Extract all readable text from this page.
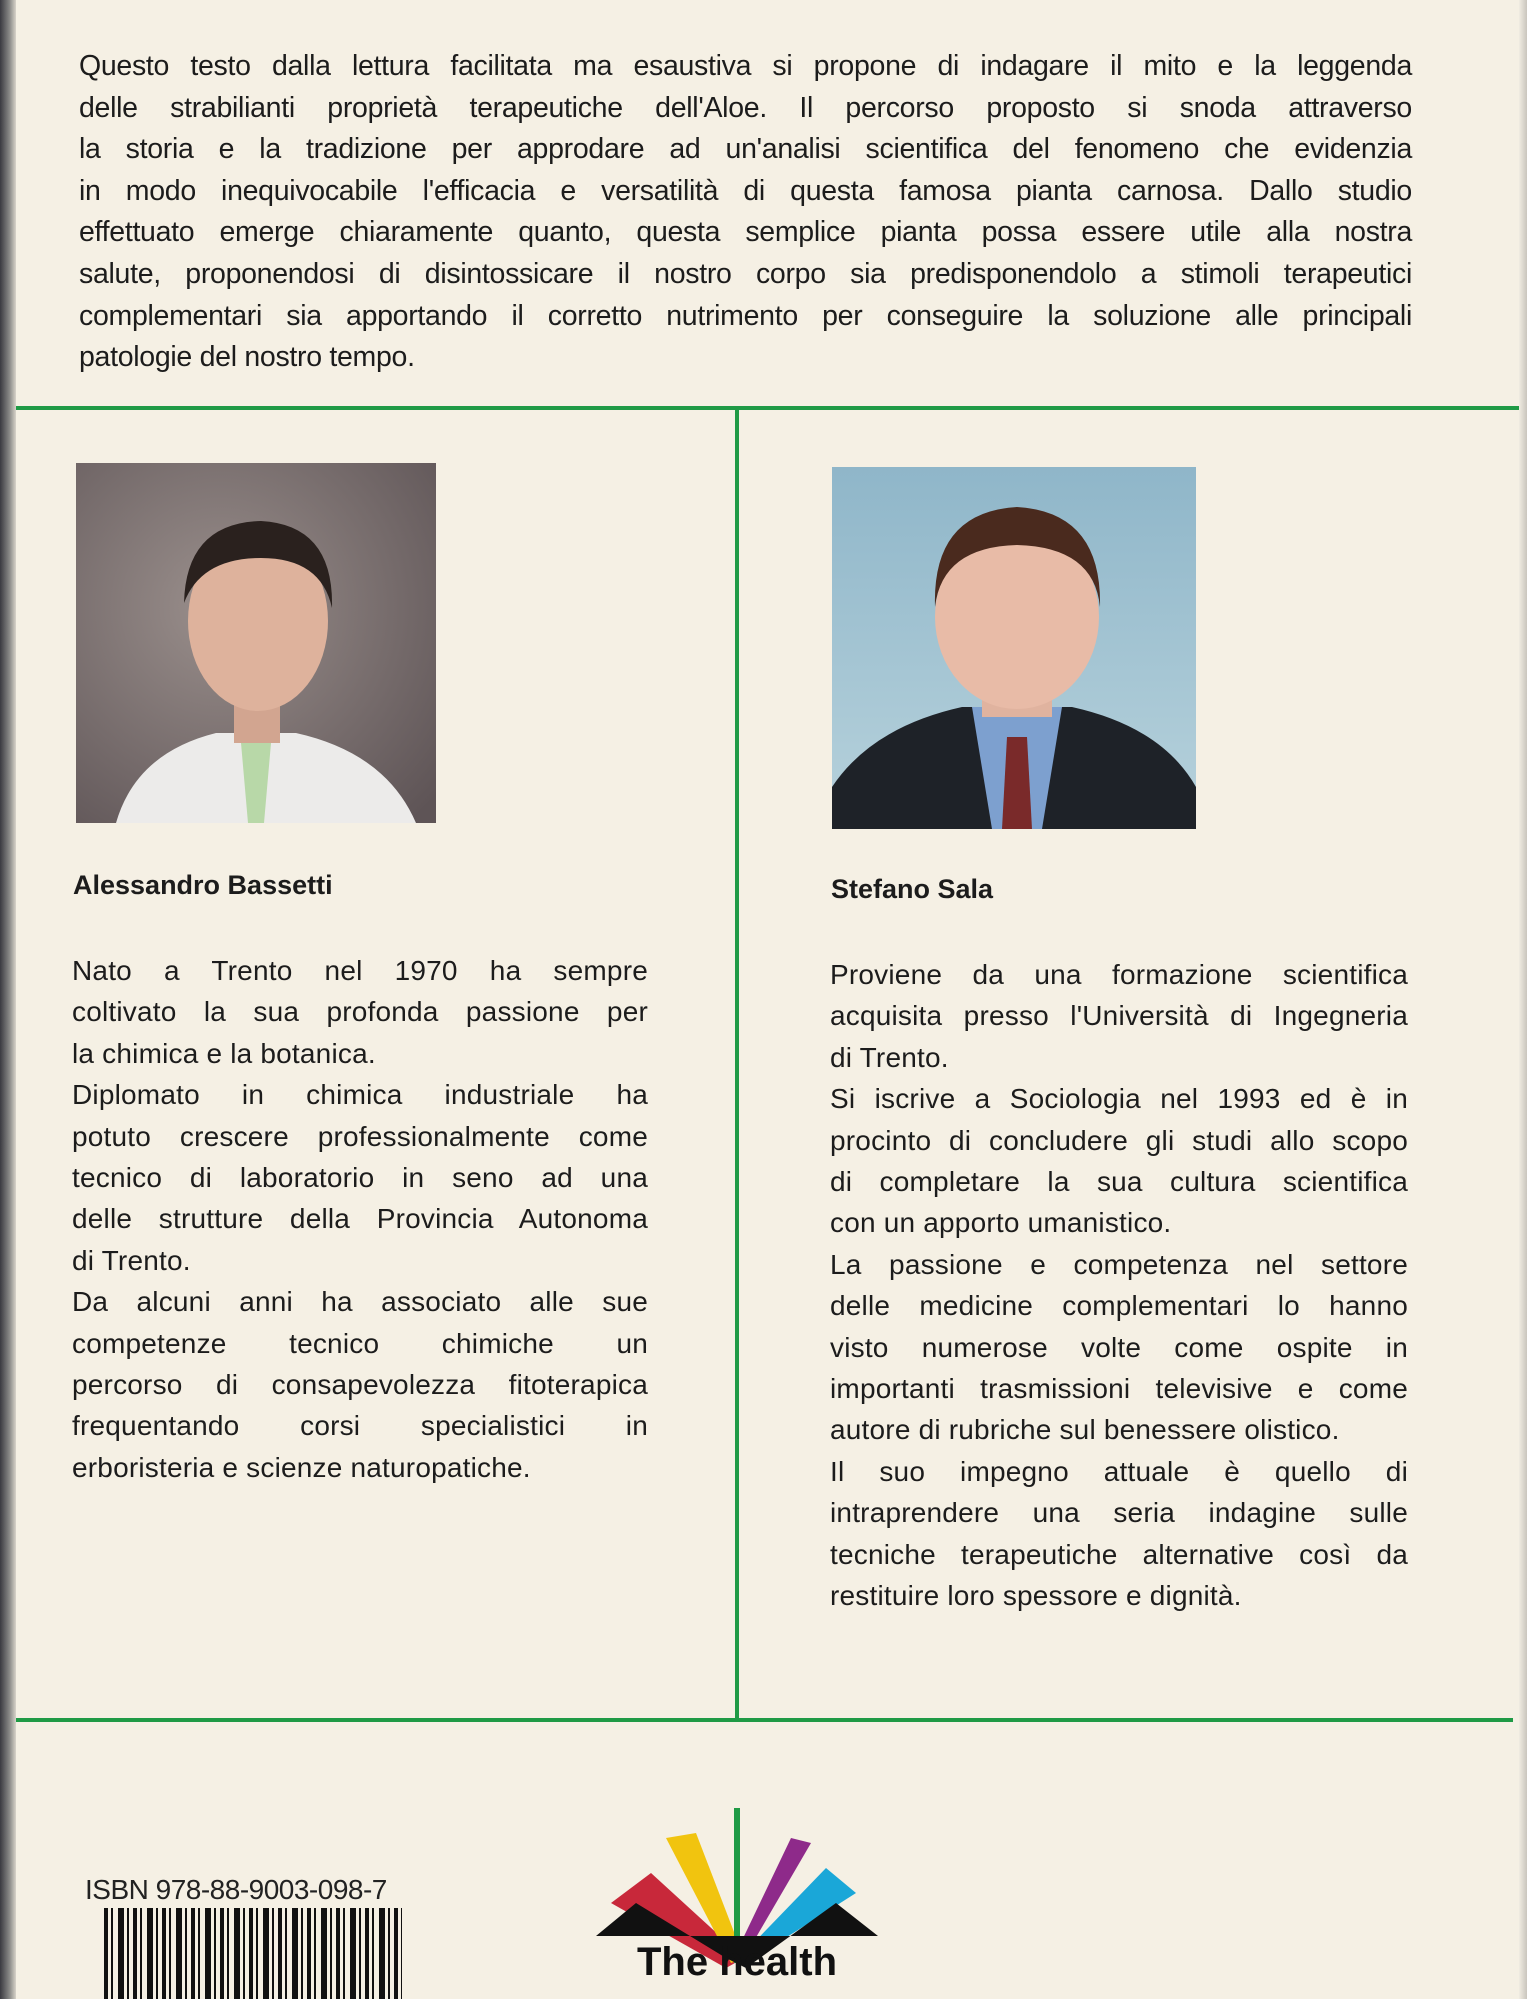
Questo testo dalla lettura facilitata ma esaustiva si propone di indagare il mito e la leggenda
delle strabilianti proprietà terapeutiche dell'Aloe. Il percorso proposto si snoda attraverso
la storia e la tradizione per approdare ad un'analisi scientifica del fenomeno che evidenzia
in modo inequivocabile l'efficacia e versatilità di questa famosa pianta carnosa. Dallo studio
effettuato emerge chiaramente quanto, questa semplice pianta possa essere utile alla nostra
salute, proponendosi di disintossicare il nostro corpo sia predisponendolo a stimoli terapeutici
complementari sia apportando il corretto nutrimento per conseguire la soluzione alle principali
patologie del nostro tempo.
Alessandro Bassetti	Stefano Sala
Nato a Trento nel 1970 ha sempre
coltivato la sua profonda passione per
la chimica e la botanica.
Diplomato in chimica industriale ha
potuto crescere professionalmente come
tecnico di laboratorio in seno ad una
delle strutture della Provincia Autonoma
di Trento.
Da alcuni anni ha associato alle sue
competenze tecnico chimiche un
percorso di consapevolezza fitoterapica
frequentando corsi specialistici in
erboristeria e scienze naturopatiche.
Proviene da una formazione scientifica
acquisita presso l'Università di Ingegneria
di Trento.
Si iscrive a Sociologia nel 1993 ed è in
procinto di concludere gli studi allo scopo
di completare la sua cultura scientifica
con un apporto umanistico.
La passione e competenza nel settore
delle medicine complementari lo hanno
visto numerose volte come ospite in
importanti trasmissioni televisive e come
autore di rubriche sul benessere olistico.
Il suo impegno attuale è quello di
intraprendere una seria indagine sulle
tecniche terapeutiche alternative così da
restituire loro spessore e dignità.
ISBN 978-88-9003-098-7
The health
